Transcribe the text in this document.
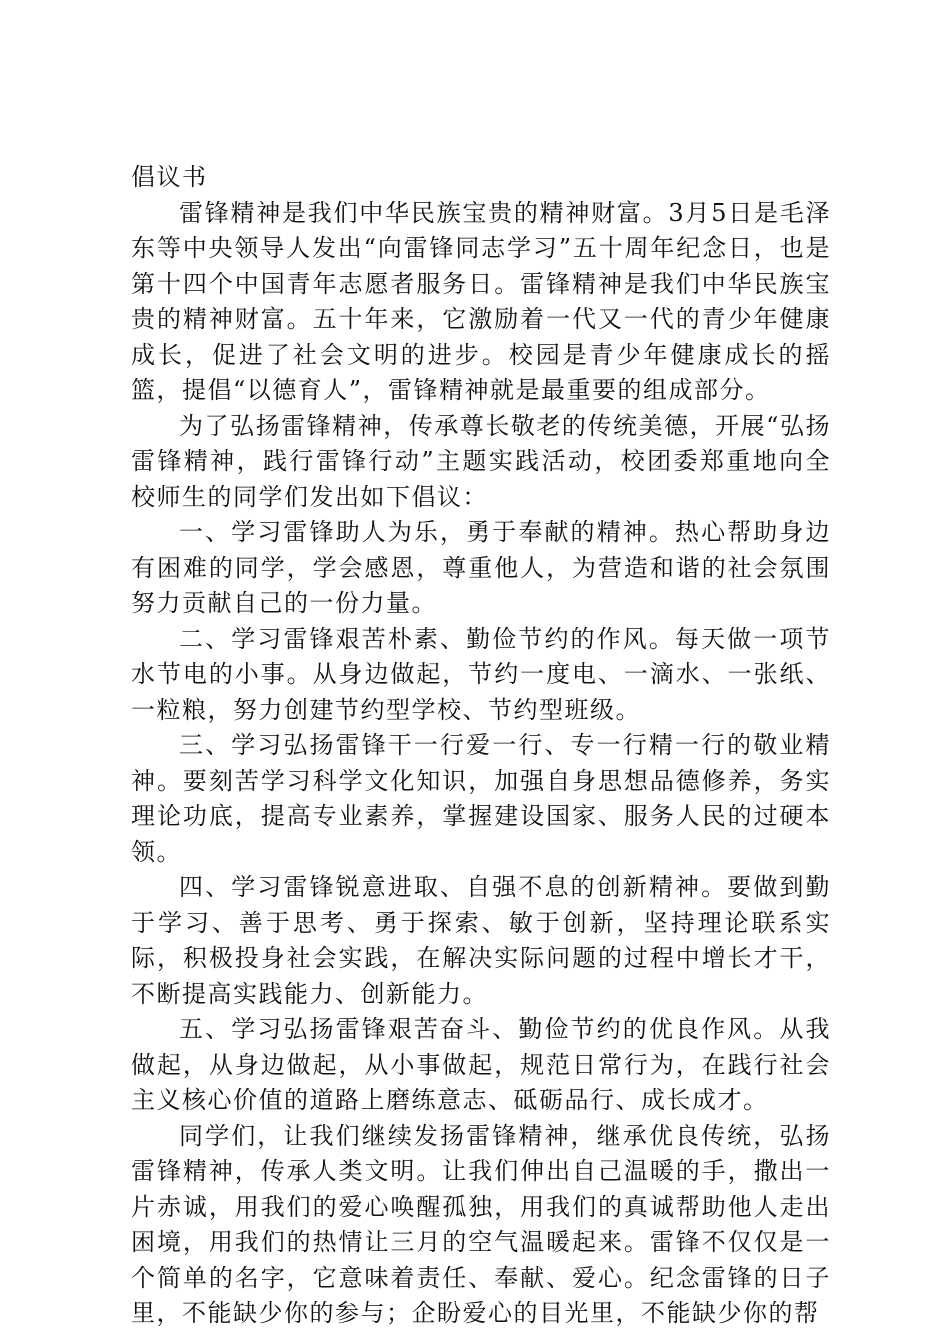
倡议书

雷锋精神是我们中华民族宝贵的精神财富。3月5日是毛泽东等中央领导人发出“向雷锋同志学习”五十周年纪念日，也是第十四个中国青年志愿者服务日。雷锋精神是我们中华民族宝贵的精神财富。五十年来，它激励着一代又一代的青少年健康成长，促进了社会文明的进步。校园是青少年健康成长的摇篮，提倡“以德育人”，雷锋精神就是最重要的组成部分。

为了弘扬雷锋精神，传承尊长敬老的传统美德，开展“弘扬雷锋精神，践行雷锋行动”主题实践活动，校团委郑重地向全校师生的同学们发出如下倡议：

一、学习雷锋助人为乐，勇于奉献的精神。热心帮助身边有困难的同学，学会感恩，尊重他人，为营造和谐的社会氛围努力贡献自己的一份力量。

二、学习雷锋艰苦朴素、勤俭节约的作风。每天做一项节水节电的小事。从身边做起，节约一度电、一滴水、一张纸、一粒粮，努力创建节约型学校、节约型班级。

三、学习弘扬雷锋干一行爱一行、专一行精一行的敬业精神。要刻苦学习科学文化知识，加强自身思想品德修养，务实理论功底，提高专业素养，掌握建设国家、服务人民的过硬本领。

四、学习雷锋锐意进取、自强不息的创新精神。要做到勤于学习、善于思考、勇于探索、敏于创新，坚持理论联系实际，积极投身社会实践，在解决实际问题的过程中增长才干，不断提高实践能力、创新能力。

五、学习弘扬雷锋艰苦奋斗、勤俭节约的优良作风。从我做起，从身边做起，从小事做起，规范日常行为，在践行社会主义核心价值的道路上磨练意志、砥砺品行、成长成才。

同学们，让我们继续发扬雷锋精神，继承优良传统，弘扬雷锋精神，传承人类文明。让我们伸出自己温暖的手，撒出一片赤诚，用我们的爱心唤醒孤独，用我们的真诚帮助他人走出困境，用我们的热情让三月的空气温暖起来。雷锋不仅仅是一个简单的名字，它意味着责任、奉献、爱心。纪念雷锋的日子里，不能缺少你的参与；企盼爱心的目光里，不能缺少你的帮
